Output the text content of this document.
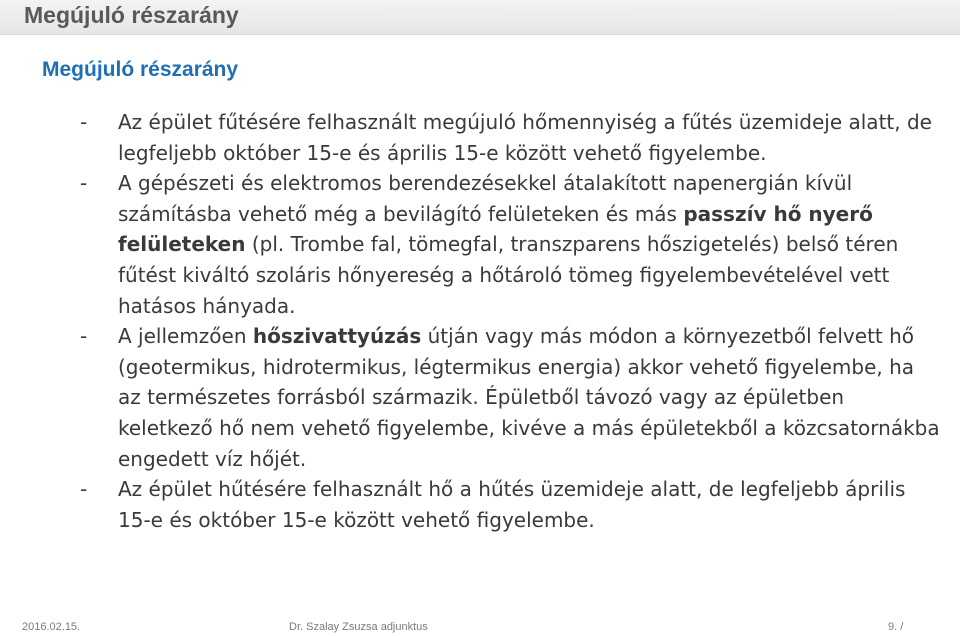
Megújuló részarány
Megújuló részarány
- Az épület fűtésére felhasznált megújuló hőmennyiség a fűtés üzemideje alatt, de legfeljebb október 15-e és április 15-e között vehető figyelembe.
- A gépészeti és elektromos berendezésekkel átalakított napenergián kívül számításba vehető még a bevilágító felületeken és más passzív hő nyerő felületeken (pl. Trombe fal, tömegfal, transzparens hőszigetelés) belső téren fűtést kiváltó szoláris hőnyereség a hőtároló tömeg figyelembevételével vett hatásos hányada.
- A jellemzően hőszivattyúzás útján vagy más módon a környezetből felvett hő (geotermikus, hidrotermikus, légtermikus energia) akkor vehető figyelembe, ha az természetes forrásból származik. Épületből távozó vagy az épületben keletkező hő nem vehető figyelembe, kivéve a más épületekből a közcsatornákba engedett víz hőjét.
- Az épület hűtésére felhasznált hő a hűtés üzemideje alatt, de legfeljebb április 15-e és október 15-e között vehető figyelembe.
2016.02.15.	Dr. Szalay Zsuzsa adjunktus	9. /
